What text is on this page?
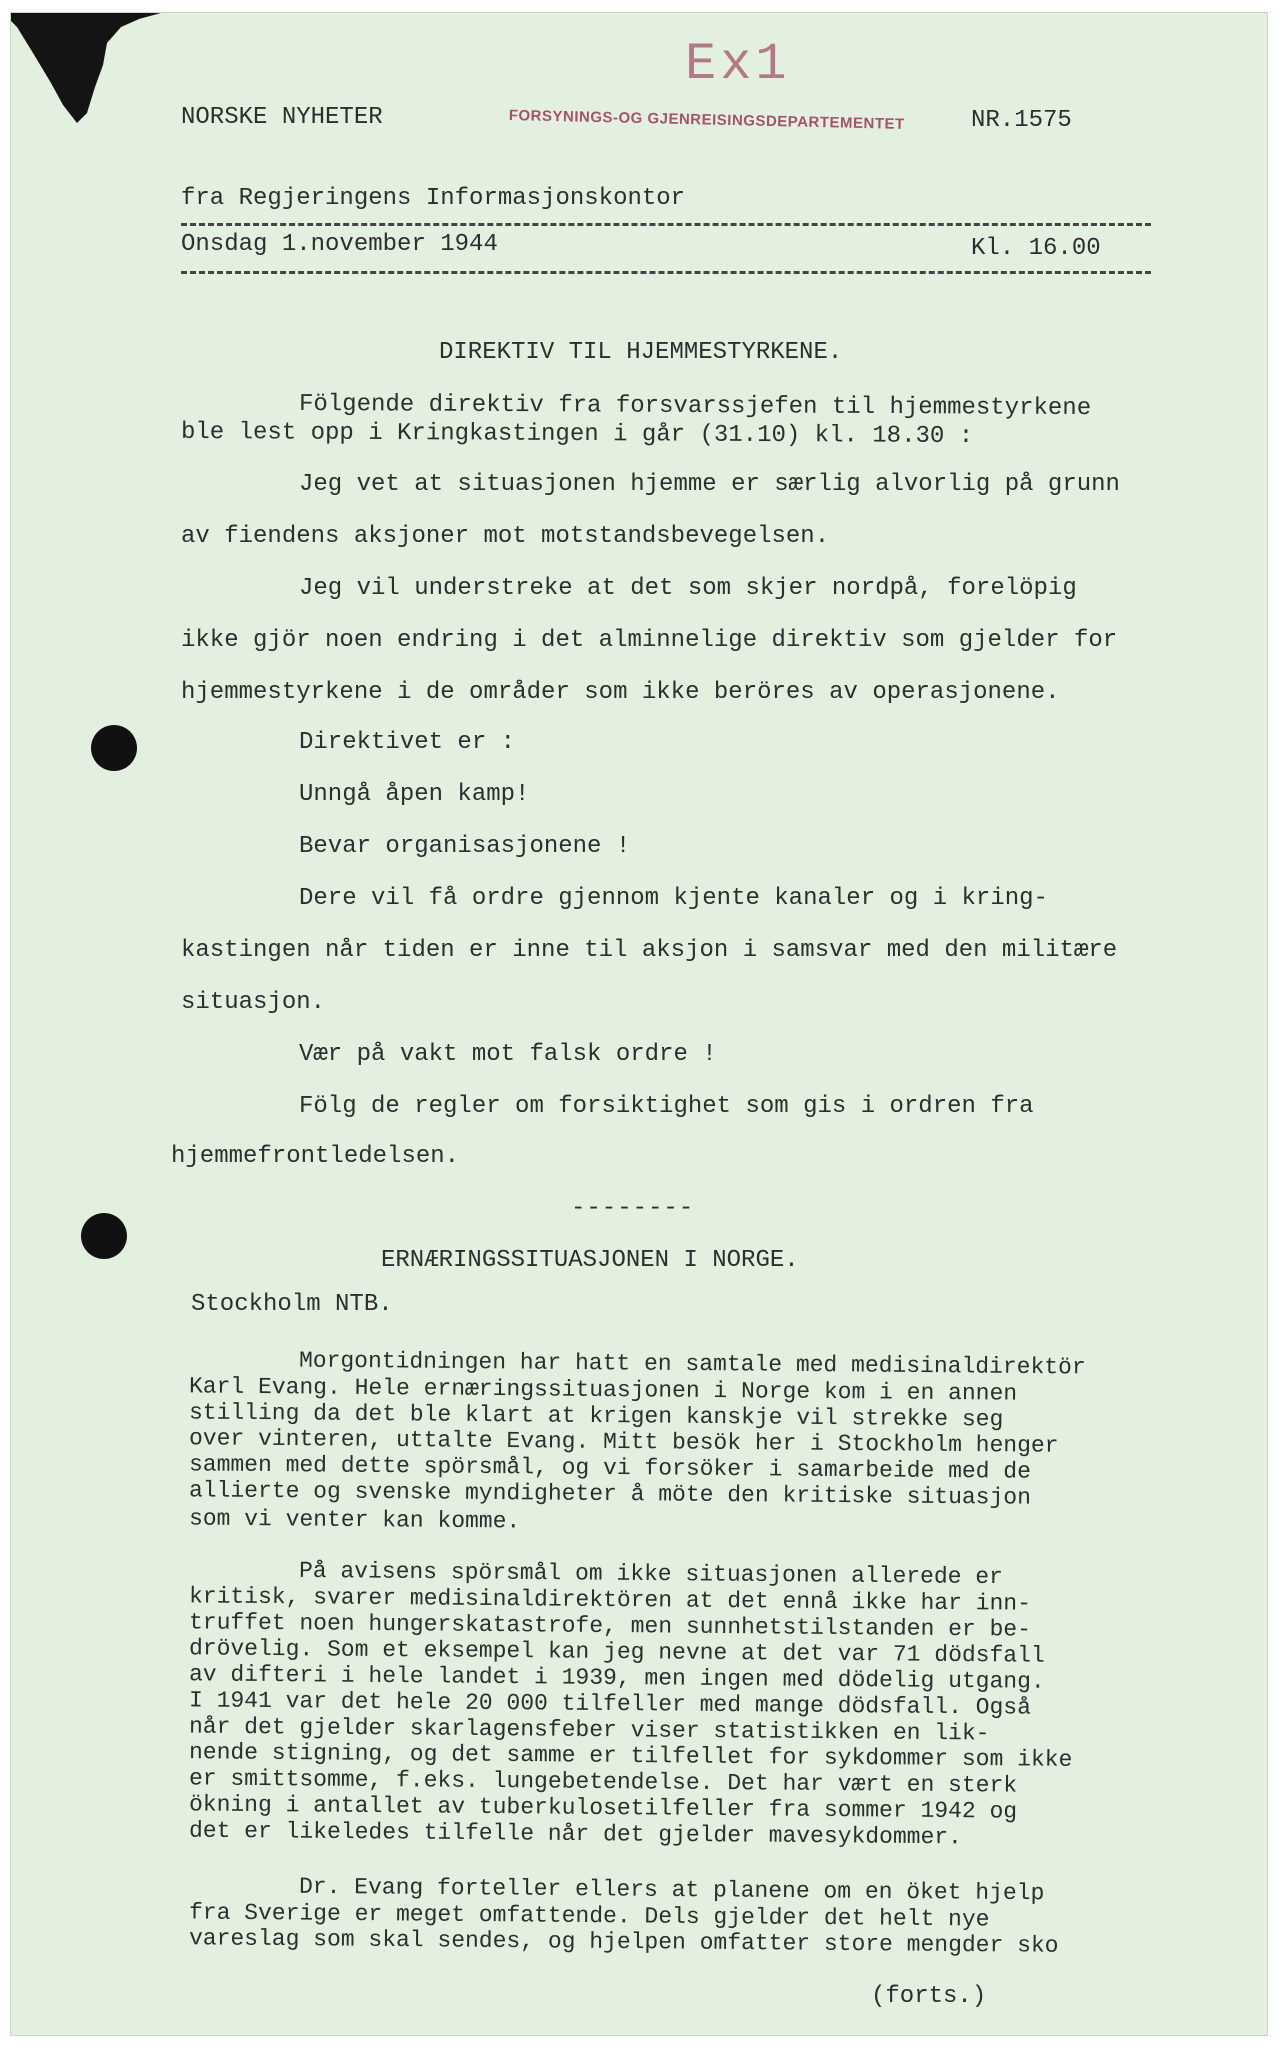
Ex1
FORSYNINGS-OG GJENREISINGSDEPARTEMENTET
NORSKE NYHETER	NR.1575
fra Regjeringens Informasjonskontor
Onsdag 1.november 1944	Kl. 16.00
DIREKTIV TIL HJEMMESTYRKENE.
Fölgende direktiv fra forsvarssjefen til hjemmestyrkene
ble lest opp i Kringkastingen i går (31.10) kl. 18.30 :
Jeg vet at situasjonen hjemme er særlig alvorlig på grunn
av fiendens aksjoner mot motstandsbevegelsen.
Jeg vil understreke at det som skjer nordpå, forelöpig
ikke gjör noen endring i det alminnelige direktiv som gjelder for
hjemmestyrkene i de områder som ikke beröres av operasjonene.
Direktivet er :
Unngå åpen kamp!
Bevar organisasjonene !
Dere vil få ordre gjennom kjente kanaler og i kring-
kastingen når tiden er inne til aksjon i samsvar med den militære
situasjon.
Vær på vakt mot falsk ordre !
Fölg de regler om forsiktighet som gis i ordren fra
hjemmefrontledelsen.
--------
ERNÆRINGSSITUASJONEN I NORGE.
Stockholm NTB.
Morgontidningen har hatt en samtale med medisinaldirektör
Karl Evang. Hele ernæringssituasjonen i Norge kom i en annen
stilling da det ble klart at krigen kanskje vil strekke seg
over vinteren, uttalte Evang. Mitt besök her i Stockholm henger
sammen med dette spörsmål, og vi forsöker i samarbeide med de
allierte og svenske myndigheter å möte den kritiske situasjon
som vi venter kan komme.
På avisens spörsmål om ikke situasjonen allerede er
kritisk, svarer medisinaldirektören at det ennå ikke har inn-
truffet noen hungerskatastrofe, men sunnhetstilstanden er be-
drövelig. Som et eksempel kan jeg nevne at det var 71 dödsfall
av difteri i hele landet i 1939, men ingen med dödelig utgang.
I 1941 var det hele 20 000 tilfeller med mange dödsfall. Også
når det gjelder skarlagensfeber viser statistikken en lik-
nende stigning, og det samme er tilfellet for sykdommer som ikke
er smittsomme, f.eks. lungebetendelse. Det har vært en sterk
ökning i antallet av tuberkulosetilfeller fra sommer 1942 og
det er likeledes tilfelle når det gjelder mavesykdommer.
Dr. Evang forteller ellers at planene om en öket hjelp
fra Sverige er meget omfattende. Dels gjelder det helt nye
vareslag som skal sendes, og hjelpen omfatter store mengder sko
(forts.)
